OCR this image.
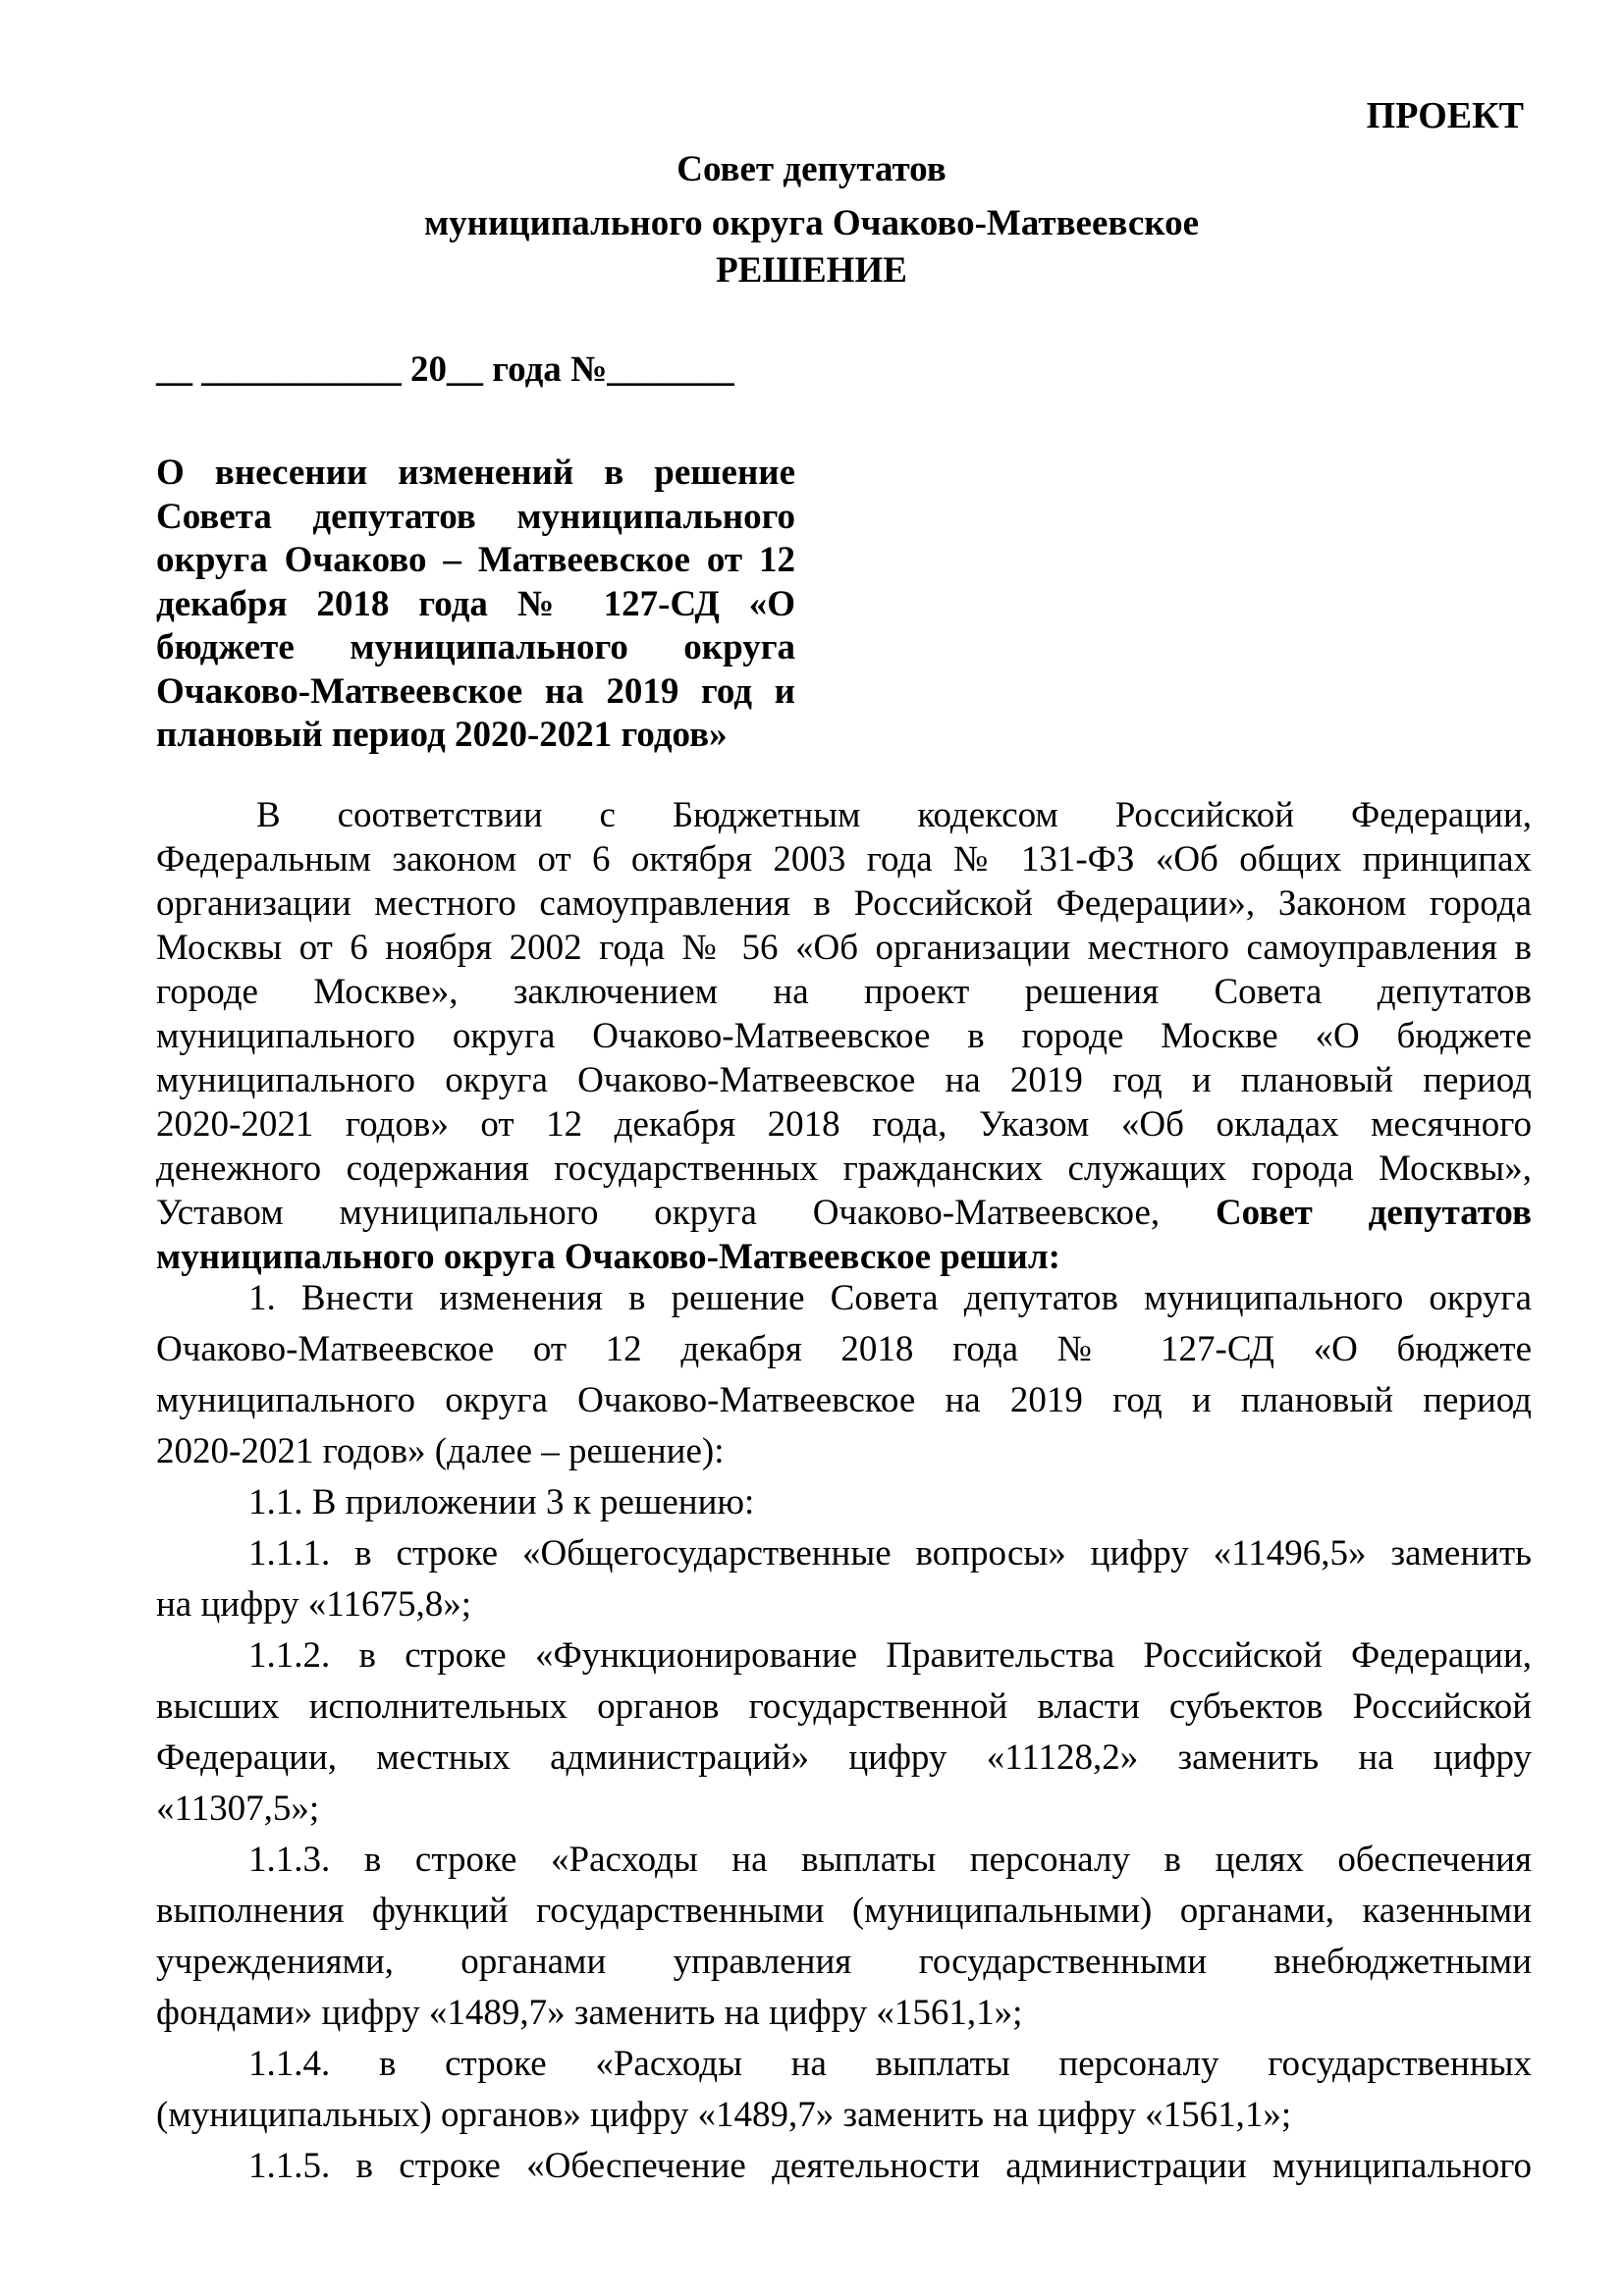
ПРОЕКТ
Совет депутатов
муниципального округа Очаково-Матвеевское
РЕШЕНИЕ
__ ___________ 20__ года №_______
О внесении изменений в решение
Совета депутатов муниципального
округа Очаково – Матвеевское от 12
декабря 2018 года № 127-СД «О
бюджете муниципального округа
Очаково-Матвеевское на 2019 год и
плановый период 2020-2021 годов»
В соответствии с Бюджетным кодексом Российской Федерации,
Федеральным законом от 6 октября 2003 года № 131-ФЗ «Об общих принципах
организации местного самоуправления в Российской Федерации», Законом города
Москвы от 6 ноября 2002 года № 56 «Об организации местного самоуправления в
городе Москве», заключением на проект решения Совета депутатов
муниципального округа Очаково-Матвеевское в городе Москве «О бюджете
муниципального округа Очаково-Матвеевское на 2019 год и плановый период
2020-2021 годов» от 12 декабря 2018 года, Указом «Об окладах месячного
денежного содержания государственных гражданских служащих города Москвы»,
Уставом муниципального округа Очаково-Матвеевское, Совет депутатов
муниципального округа Очаково-Матвеевское решил:
1. Внести изменения в решение Совета депутатов муниципального округа
Очаково-Матвеевское от 12 декабря 2018 года № 127-СД «О бюджете
муниципального округа Очаково-Матвеевское на 2019 год и плановый период
2020-2021 годов» (далее – решение):
1.1. В приложении 3 к решению:
1.1.1. в строке «Общегосударственные вопросы» цифру «11496,5» заменить
на цифру «11675,8»;
1.1.2. в строке «Функционирование Правительства Российской Федерации,
высших исполнительных органов государственной власти субъектов Российской
Федерации, местных администраций» цифру «11128,2» заменить на цифру
«11307,5»;
1.1.3. в строке «Расходы на выплаты персоналу в целях обеспечения
выполнения функций государственными (муниципальными) органами, казенными
учреждениями, органами управления государственными внебюджетными
фондами» цифру «1489,7» заменить на цифру «1561,1»;
1.1.4. в строке «Расходы на выплаты персоналу государственных
(муниципальных) органов» цифру «1489,7» заменить на цифру «1561,1»;
1.1.5. в строке «Обеспечение деятельности администрации муниципального
